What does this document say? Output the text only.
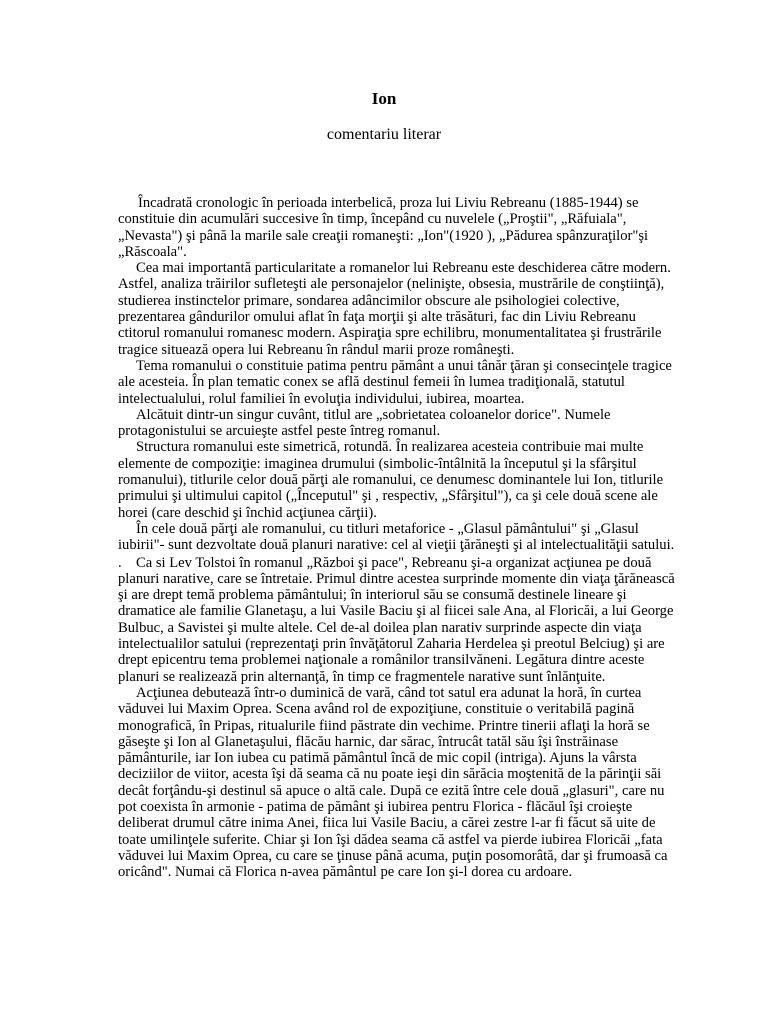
Ion
comentariu literar

Încadrată cronologic în perioada interbelică, proza lui Liviu Rebreanu (1885-1944) se constituie din acumulări succesive în timp, începând cu nuvelele („Proştii", „Răfuiala", „Nevasta") şi până la marile sale creaţii romaneşti: „Ion"(1920 ), „Pădurea spânzuraţilor"şi „Răscoala".

Cea mai importantă particularitate a romanelor lui Rebreanu este deschiderea către modern. Astfel, analiza trăirilor sufleteşti ale personajelor (nelinişte, obsesia, mustrările de conştiinţă), studierea instinctelor primare, sondarea adâncimilor obscure ale psihologiei colective, prezentarea gândurilor omului aflat în faţa morţii şi alte trăsături, fac din Liviu Rebreanu ctitorul romanului romanesc modern. Aspiraţia spre echilibru, monumentalitatea şi frustrările tragice situează opera lui Rebreanu în rândul marii proze româneşti.

Tema romanului o constituie patima pentru pământ a unui tânăr ţăran şi consecinţele tragice ale acesteia. În plan tematic conex se află destinul femeii în lumea tradiţională, statutul intelectualului, rolul familiei în evoluţia individului, iubirea, moartea.

Alcătuit dintr-un singur cuvânt, titlul are „sobrietatea coloanelor dorice". Numele protagonistului se arcuieşte astfel peste întreg romanul.

Structura romanului este simetrică, rotundă. În realizarea acesteia contribuie mai multe elemente de compoziţie: imaginea drumului (simbolic-întâlnită la începutul şi la sfârşitul romanului), titlurile celor două părţi ale romanului, ce denumesc dominantele lui Ion, titlurile primului şi ultimului capitol („Începutul" şi , respectiv, „Sfârşitul"), ca şi cele două scene ale horei (care deschid şi închid acţiunea cărţii).

În cele două părţi ale romanului, cu titluri metaforice - „Glasul pământului" şi „Glasul iubirii"- sunt dezvoltate două planuri narative: cel al vieţii ţărăneşti şi al intelectualităţii satului.

. Ca si Lev Tolstoi în romanul „Război şi pace", Rebreanu şi-a organizat acţiunea pe două planuri narative, care se întretaie. Primul dintre acestea surprinde momente din viaţa ţărănească şi are drept temă problema pământului; în interiorul său se consumă destinele lineare şi dramatice ale familie Glanetaşu, a lui Vasile Baciu şi al fiicei sale Ana, al Floricăi, a lui George Bulbuc, a Savistei şi multe altele. Cel de-al doilea plan narativ surprinde aspecte din viaţa intelectualilor satului (reprezentaţi prin învăţătorul Zaharia Herdelea şi preotul Belciug) şi are drept epicentru tema problemei naţionale a românilor transilvăneni. Legătura dintre aceste planuri se realizează prin alternanţă, în timp ce fragmentele narative sunt înlănţuite.

Acţiunea debutează într-o duminică de vară, când tot satul era adunat la horă, în curtea văduvei lui Maxim Oprea. Scena având rol de expoziţiune, constituie o veritabilă pagină monografică, în Pripas, ritualurile fiind păstrate din vechime. Printre tinerii aflaţi la horă se găseşte şi Ion al Glanetaşului, flăcău harnic, dar sărac, întrucât tatăl său îşi înstrăinase pământurile, iar Ion iubea cu patimă pământul încă de mic copil (intriga). Ajuns la vârsta deciziilor de viitor, acesta îşi dă seama că nu poate ieşi din sărăcia moştenită de la părinţii săi decât forţându-şi destinul să apuce o altă cale. După ce ezită între cele două „glasuri", care nu pot coexista în armonie - patima de pământ şi iubirea pentru Florica - flăcăul îşi croieşte deliberat drumul către inima Anei, fiica lui Vasile Baciu, a cărei zestre l-ar fi făcut să uite de toate umilinţele suferite. Chiar şi Ion îşi dădea seama că astfel va pierde iubirea Floricăi „fata văduvei lui Maxim Oprea, cu care se ţinuse până acuma, puţin posomorâtă, dar şi frumoasă ca oricând". Numai că Florica n-avea pământul pe care Ion şi-l dorea cu ardoare.
